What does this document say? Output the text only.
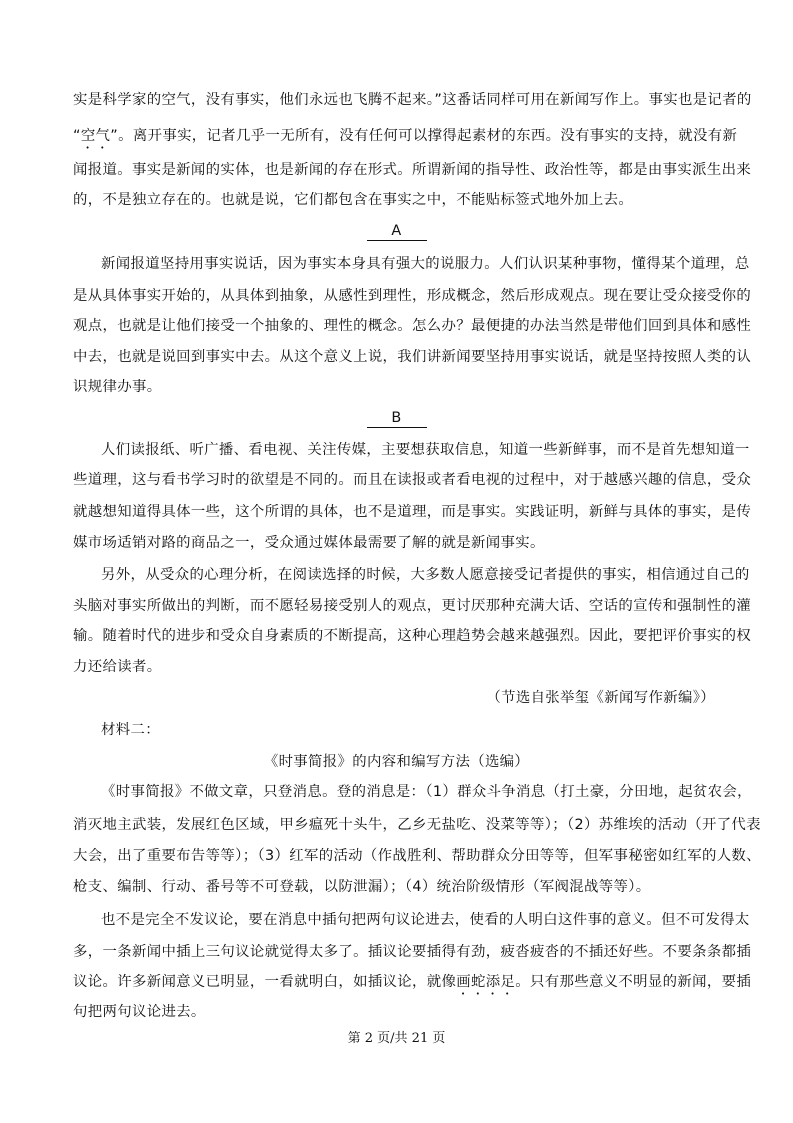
实是科学家的空气，没有事实，他们永远也飞腾不起来。”这番话同样可用在新闻写作上。事实也是记者的
“空气”。离开事实，记者几乎一无所有，没有任何可以撑得起素材的东西。没有事实的支持，就没有新
闻报道。事实是新闻的实体，也是新闻的存在形式。所谓新闻的指导性、政治性等，都是由事实派生出来
的，不是独立存在的。也就是说，它们都包含在事实之中，不能贴标签式地外加上去。
A
新闻报道坚持用事实说话，因为事实本身具有强大的说服力。人们认识某种事物，懂得某个道理，总
是从具体事实开始的，从具体到抽象，从感性到理性，形成概念，然后形成观点。现在要让受众接受你的
观点，也就是让他们接受一个抽象的、理性的概念。怎么办？最便捷的办法当然是带他们回到具体和感性
中去，也就是说回到事实中去。从这个意义上说，我们讲新闻要坚持用事实说话，就是坚持按照人类的认
识规律办事。
B
人们读报纸、听广播、看电视、关注传媒，主要想获取信息，知道一些新鲜事，而不是首先想知道一
些道理，这与看书学习时的欲望是不同的。而且在读报或者看电视的过程中，对于越感兴趣的信息，受众
就越想知道得具体一些，这个所谓的具体，也不是道理，而是事实。实践证明，新鲜与具体的事实，是传
媒市场适销对路的商品之一，受众通过媒体最需要了解的就是新闻事实。
另外，从受众的心理分析，在阅读选择的时候，大多数人愿意接受记者提供的事实，相信通过自己的
头脑对事实所做出的判断，而不愿轻易接受别人的观点，更讨厌那种充满大话、空话的宣传和强制性的灌
输。随着时代的进步和受众自身素质的不断提高，这种心理趋势会越来越强烈。因此，要把评价事实的权
力还给读者。
（节选自张举玺《新闻写作新编》）
材料二：
《时事简报》的内容和编写方法（选编）
《时事简报》不做文章，只登消息。登的消息是：（1）群众斗争消息（打土豪，分田地，起贫农会，
消灭地主武装，发展红色区域，甲乡瘟死十头牛，乙乡无盐吃、没菜等等）；（2）苏维埃的活动（开了代表
大会，出了重要布告等等）；（3）红军的活动（作战胜利、帮助群众分田等等，但军事秘密如红军的人数、
枪支、编制、行动、番号等不可登载，以防泄漏）；（4）统治阶级情形（军阀混战等等）。
也不是完全不发议论，要在消息中插句把两句议论进去，使看的人明白这件事的意义。但不可发得太
多，一条新闻中插上三句议论就觉得太多了。插议论要插得有劲，疲沓疲沓的不插还好些。不要条条都插
议论。许多新闻意义已明显，一看就明白，如插议论，就像画蛇添足。只有那些意义不明显的新闻，要插
句把两句议论进去。
第 2 页/共 21 页
